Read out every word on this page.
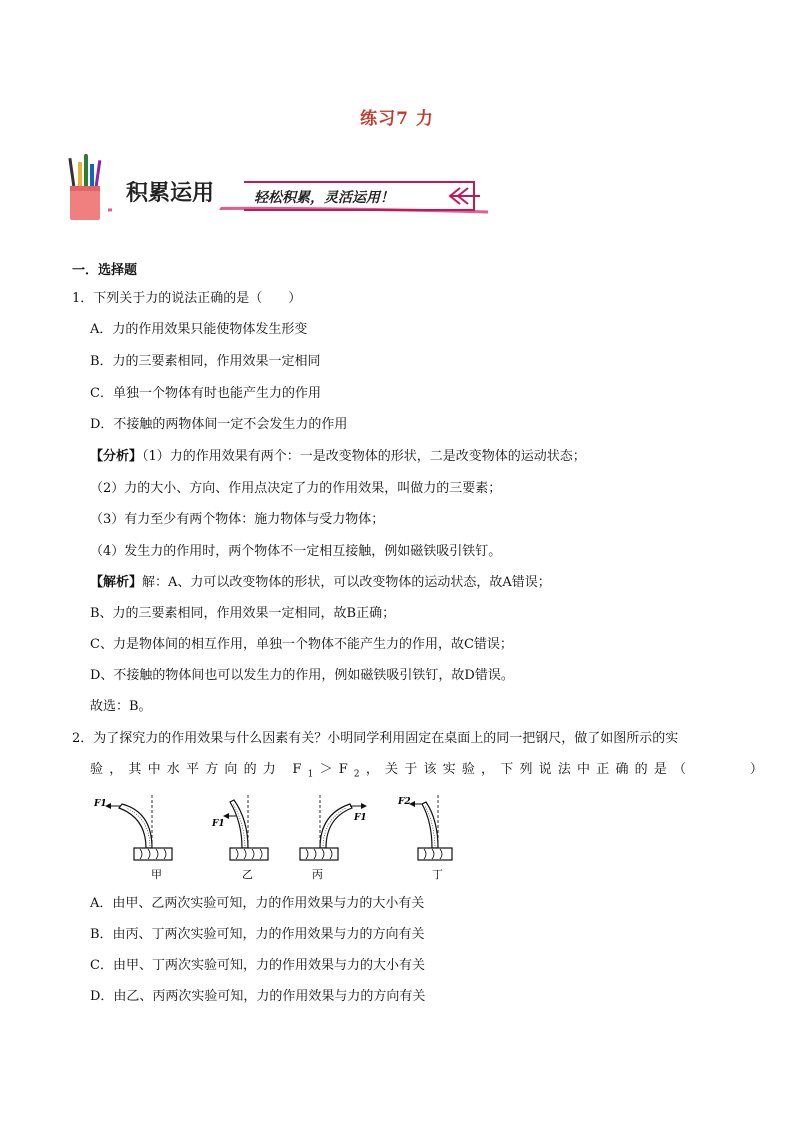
练习7 力
积累运用	轻松积累，灵活运用！
一．选择题
1．下列关于力的说法正确的是（　　）
A．力的作用效果只能使物体发生形变
B．力的三要素相同，作用效果一定相同
C．单独一个物体有时也能产生力的作用
D．不接触的两物体间一定不会发生力的作用
【分析】（1）力的作用效果有两个：一是改变物体的形状，二是改变物体的运动状态；
（2）力的大小、方向、作用点决定了力的作用效果，叫做力的三要素；
（3）有力至少有两个物体：施力物体与受力物体；
（4）发生力的作用时，两个物体不一定相互接触，例如磁铁吸引铁钉。
【解析】解：A、力可以改变物体的形状，可以改变物体的运动状态，故A错误；
B、力的三要素相同，作用效果一定相同，故B正确；
C、力是物体间的相互作用，单独一个物体不能产生力的作用，故C错误；
D、不接触的物体间也可以发生力的作用，例如磁铁吸引铁钉，故D错误。
故选：B。
2．为了探究力的作用效果与什么因素有关？小明同学利用固定在桌面上的同一把钢尺，做了如图所示的实
验，其中水平方向的力 $F_1>F_2$，关于该实验，下列说法中正确的是（　　　）
F1
甲
F1
乙
F1
丙
F2
丁
A．由甲、乙两次实验可知，力的作用效果与力的大小有关
B．由丙、丁两次实验可知，力的作用效果与力的方向有关
C．由甲、丁两次实验可知，力的作用效果与力的大小有关
D．由乙、丙两次实验可知，力的作用效果与力的方向有关
